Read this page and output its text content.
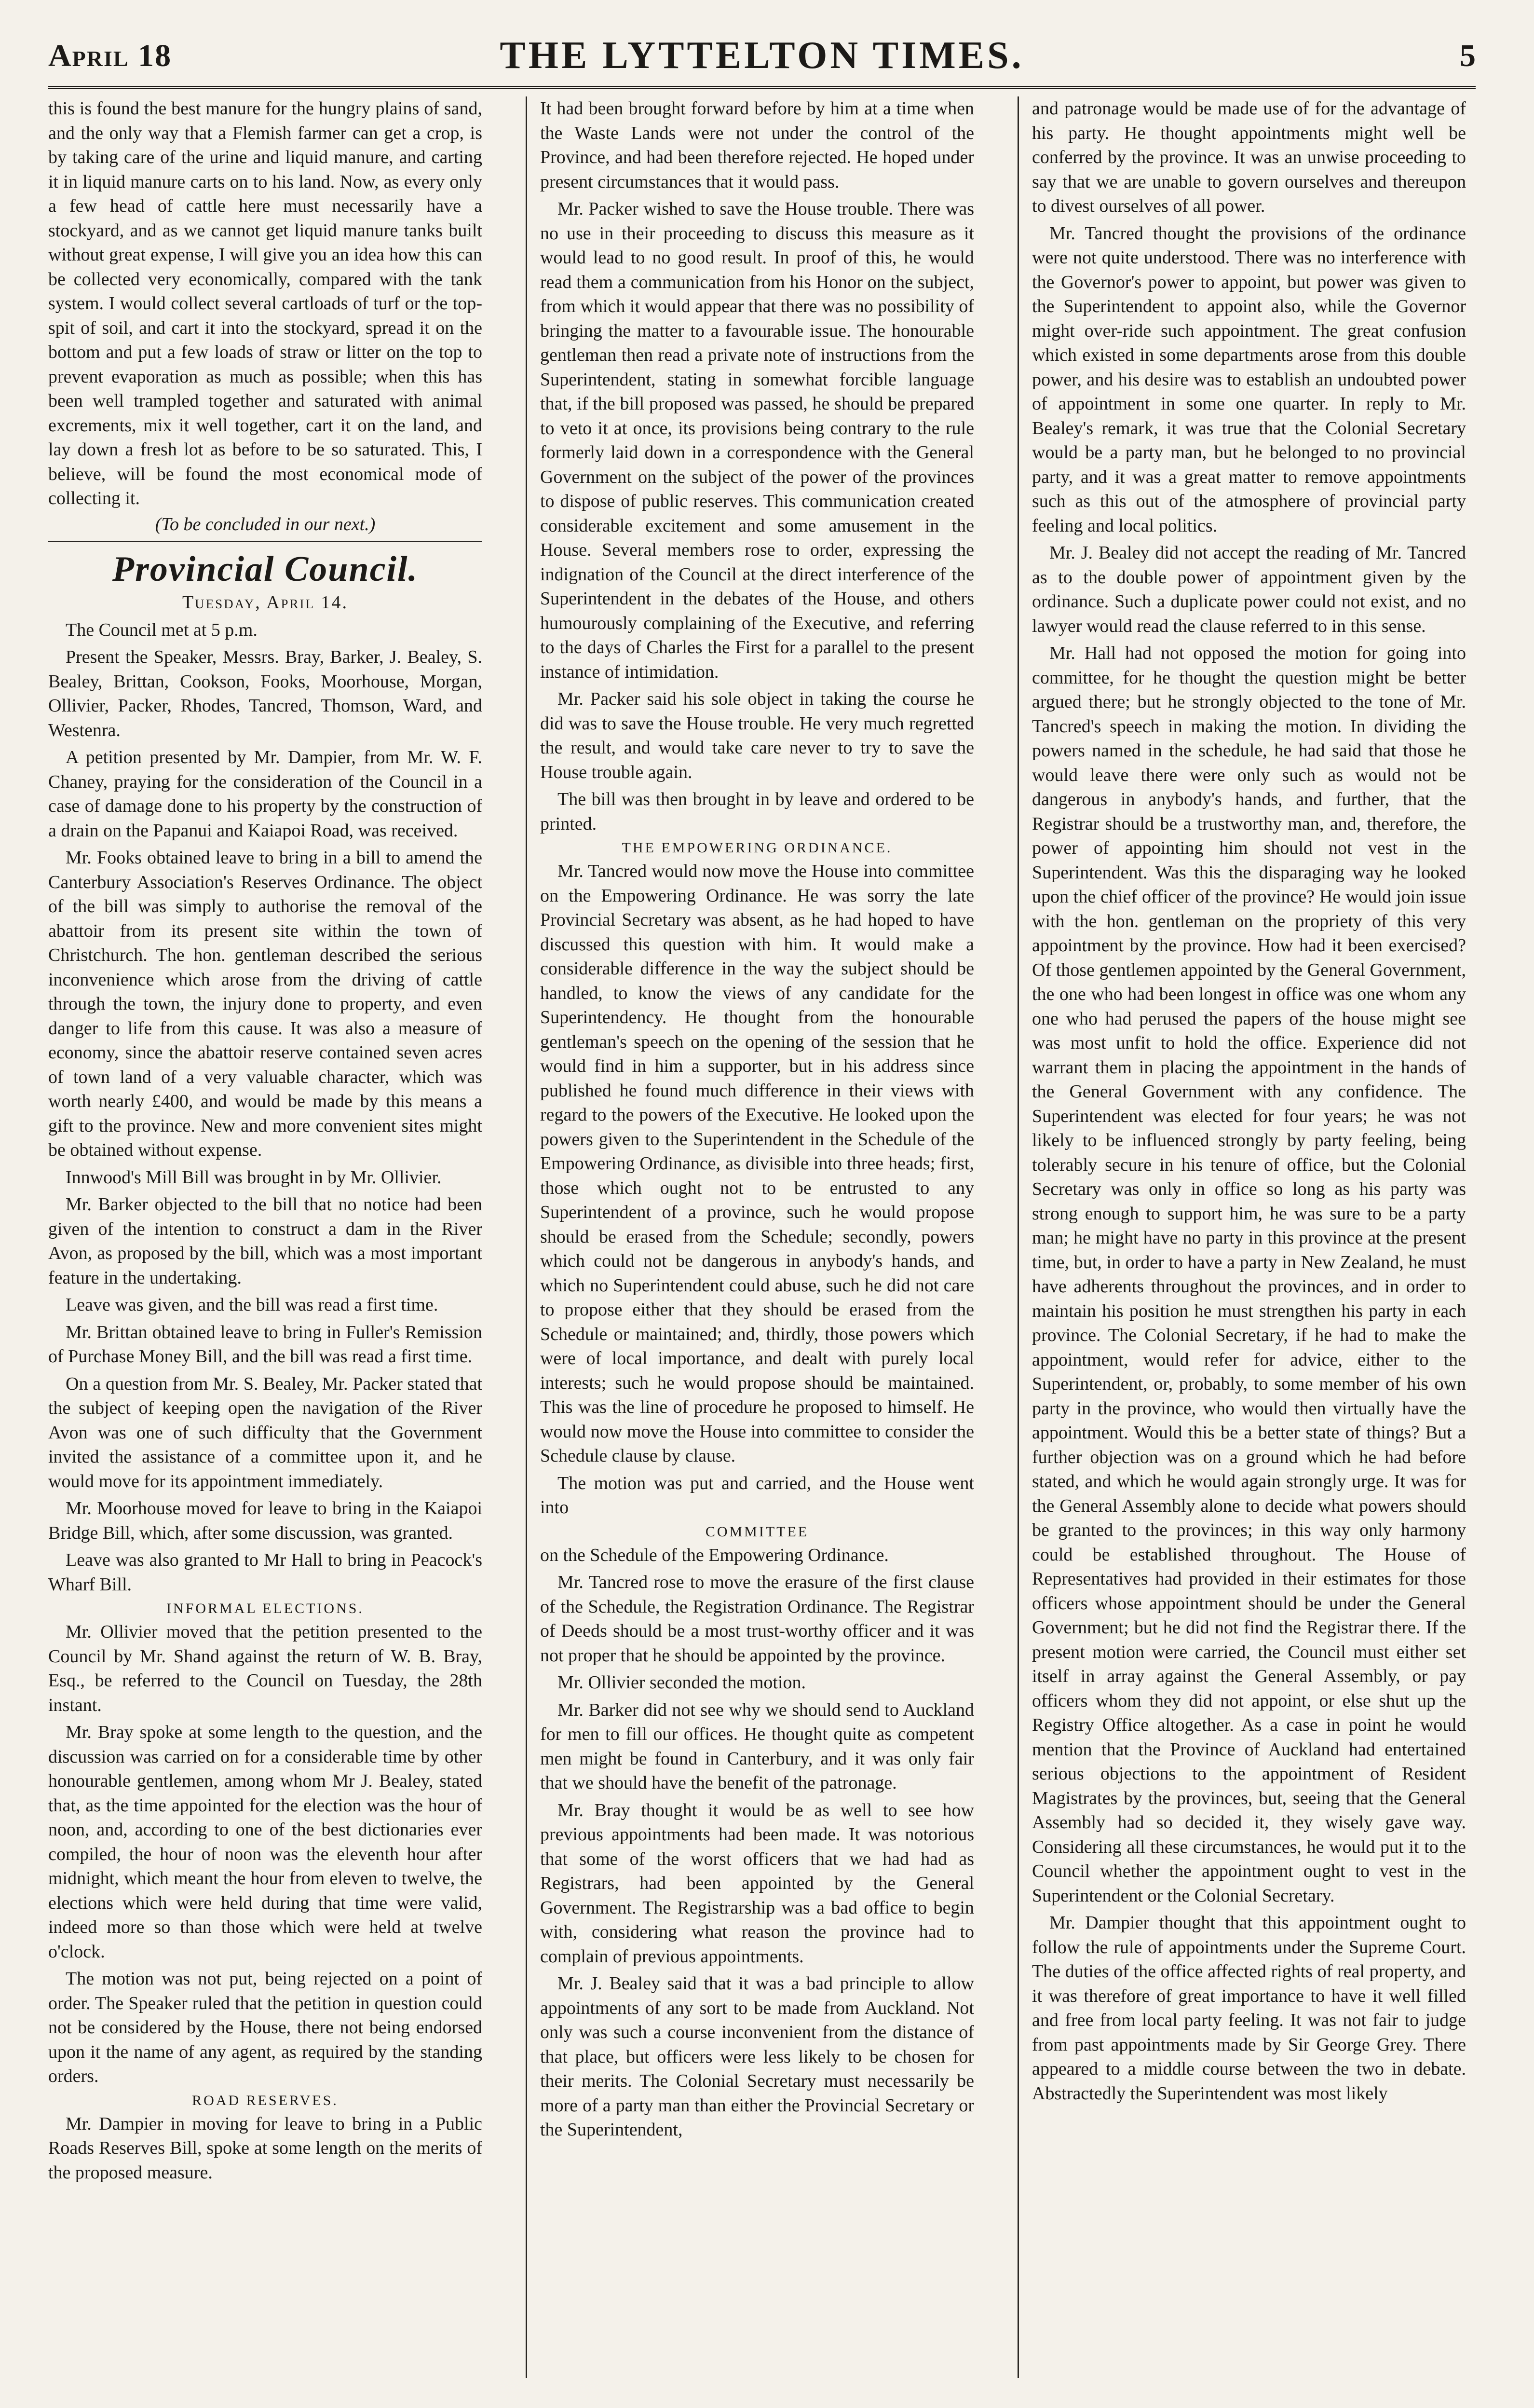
April 18	THE LYTTELTON TIMES.	5

this is found the best manure for the hungry plains of sand, and the only way that a Flemish farmer can get a crop, is by taking care of the urine and liquid manure, and carting it in liquid manure carts on to his land. Now, as every only a few head of cattle here must necessarily have a stockyard, and as we cannot get liquid manure tanks built without great expense, I will give you an idea how this can be collected very economically, compared with the tank system. I would collect several cartloads of turf or the top-spit of soil, and cart it into the stockyard, spread it on the bottom and put a few loads of straw or litter on the top to prevent evaporation as much as possible; when this has been well trampled together and saturated with animal excrements, mix it well together, cart it on the land, and lay down a fresh lot as before to be so saturated. This, I believe, will be found the most economical mode of collecting it.

(To be concluded in our next.)
Provincial Council.
Tuesday, April 14.

The Council met at 5 p.m.

Present the Speaker, Messrs. Bray, Barker, J. Bealey, S. Bealey, Brittan, Cookson, Fooks, Moorhouse, Morgan, Ollivier, Packer, Rhodes, Tancred, Thomson, Ward, and Westenra.

A petition presented by Mr. Dampier, from Mr. W. F. Chaney, praying for the consideration of the Council in a case of damage done to his property by the construction of a drain on the Papanui and Kaiapoi Road, was received.

Mr. Fooks obtained leave to bring in a bill to amend the Canterbury Association's Reserves Ordinance. The object of the bill was simply to authorise the removal of the abattoir from its present site within the town of Christchurch. The hon. gentleman described the serious inconvenience which arose from the driving of cattle through the town, the injury done to property, and even danger to life from this cause. It was also a measure of economy, since the abattoir reserve contained seven acres of town land of a very valuable character, which was worth nearly £400, and would be made by this means a gift to the province. New and more convenient sites might be obtained without expense.

Innwood's Mill Bill was brought in by Mr. Ollivier.

Mr. Barker objected to the bill that no notice had been given of the intention to construct a dam in the River Avon, as proposed by the bill, which was a most important feature in the undertaking.

Leave was given, and the bill was read a first time.

Mr. Brittan obtained leave to bring in Fuller's Remission of Purchase Money Bill, and the bill was read a first time.

On a question from Mr. S. Bealey, Mr. Packer stated that the subject of keeping open the navigation of the River Avon was one of such difficulty that the Government invited the assistance of a committee upon it, and he would move for its appointment immediately.

Mr. Moorhouse moved for leave to bring in the Kaiapoi Bridge Bill, which, after some discussion, was granted.

Leave was also granted to Mr Hall to bring in Peacock's Wharf Bill.

INFORMAL ELECTIONS.

Mr. Ollivier moved that the petition presented to the Council by Mr. Shand against the return of W. B. Bray, Esq., be referred to the Council on Tuesday, the 28th instant.

Mr. Bray spoke at some length to the question, and the discussion was carried on for a considerable time by other honourable gentlemen, among whom Mr J. Bealey, stated that, as the time appointed for the election was the hour of noon, and, according to one of the best dictionaries ever compiled, the hour of noon was the eleventh hour after midnight, which meant the hour from eleven to twelve, the elections which were held during that time were valid, indeed more so than those which were held at twelve o'clock.

The motion was not put, being rejected on a point of order. The Speaker ruled that the petition in question could not be considered by the House, there not being endorsed upon it the name of any agent, as required by the standing orders.

ROAD RESERVES.

Mr. Dampier in moving for leave to bring in a Public Roads Reserves Bill, spoke at some length on the merits of the proposed measure.

It had been brought forward before by him at a time when the Waste Lands were not under the control of the Province, and had been therefore rejected. He hoped under present circumstances that it would pass.

Mr. Packer wished to save the House trouble. There was no use in their proceeding to discuss this measure as it would lead to no good result. In proof of this, he would read them a communication from his Honor on the subject, from which it would appear that there was no possibility of bringing the matter to a favourable issue. The honourable gentleman then read a private note of instructions from the Superintendent, stating in somewhat forcible language that, if the bill proposed was passed, he should be prepared to veto it at once, its provisions being contrary to the rule formerly laid down in a correspondence with the General Government on the subject of the power of the provinces to dispose of public reserves. This communication created considerable excitement and some amusement in the House. Several members rose to order, expressing the indignation of the Council at the direct interference of the Superintendent in the debates of the House, and others humourously complaining of the Executive, and referring to the days of Charles the First for a parallel to the present instance of intimidation.

Mr. Packer said his sole object in taking the course he did was to save the House trouble. He very much regretted the result, and would take care never to try to save the House trouble again.

The bill was then brought in by leave and ordered to be printed.

THE EMPOWERING ORDINANCE.

Mr. Tancred would now move the House into committee on the Empowering Ordinance. He was sorry the late Provincial Secretary was absent, as he had hoped to have discussed this question with him. It would make a considerable difference in the way the subject should be handled, to know the views of any candidate for the Superintendency. He thought from the honourable gentleman's speech on the opening of the session that he would find in him a supporter, but in his address since published he found much difference in their views with regard to the powers of the Executive. He looked upon the powers given to the Superintendent in the Schedule of the Empowering Ordinance, as divisible into three heads; first, those which ought not to be entrusted to any Superintendent of a province, such he would propose should be erased from the Schedule; secondly, powers which could not be dangerous in anybody's hands, and which no Superintendent could abuse, such he did not care to propose either that they should be erased from the Schedule or maintained; and, thirdly, those powers which were of local importance, and dealt with purely local interests; such he would propose should be maintained. This was the line of procedure he proposed to himself. He would now move the House into committee to consider the Schedule clause by clause.

The motion was put and carried, and the House went into

COMMITTEE

on the Schedule of the Empowering Ordinance.

Mr. Tancred rose to move the erasure of the first clause of the Schedule, the Registration Ordinance. The Registrar of Deeds should be a most trust-worthy officer and it was not proper that he should be appointed by the province.

Mr. Ollivier seconded the motion.

Mr. Barker did not see why we should send to Auckland for men to fill our offices. He thought quite as competent men might be found in Canterbury, and it was only fair that we should have the benefit of the patronage.

Mr. Bray thought it would be as well to see how previous appointments had been made. It was notorious that some of the worst officers that we had had as Registrars, had been appointed by the General Government. The Registrarship was a bad office to begin with, considering what reason the province had to complain of previous appointments.

Mr. J. Bealey said that it was a bad principle to allow appointments of any sort to be made from Auckland. Not only was such a course inconvenient from the distance of that place, but officers were less likely to be chosen for their merits. The Colonial Secretary must necessarily be more of a party man than either the Provincial Secretary or the Superintendent,

and patronage would be made use of for the advantage of his party. He thought appointments might well be conferred by the province. It was an unwise proceeding to say that we are unable to govern ourselves and thereupon to divest ourselves of all power.

Mr. Tancred thought the provisions of the ordinance were not quite understood. There was no interference with the Governor's power to appoint, but power was given to the Superintendent to appoint also, while the Governor might over-ride such appointment. The great confusion which existed in some departments arose from this double power, and his desire was to establish an undoubted power of appointment in some one quarter. In reply to Mr. Bealey's remark, it was true that the Colonial Secretary would be a party man, but he belonged to no provincial party, and it was a great matter to remove appointments such as this out of the atmosphere of provincial party feeling and local politics.

Mr. J. Bealey did not accept the reading of Mr. Tancred as to the double power of appointment given by the ordinance. Such a duplicate power could not exist, and no lawyer would read the clause referred to in this sense.

Mr. Hall had not opposed the motion for going into committee, for he thought the question might be better argued there; but he strongly objected to the tone of Mr. Tancred's speech in making the motion. In dividing the powers named in the schedule, he had said that those he would leave there were only such as would not be dangerous in anybody's hands, and further, that the Registrar should be a trustworthy man, and, therefore, the power of appointing him should not vest in the Superintendent. Was this the disparaging way he looked upon the chief officer of the province? He would join issue with the hon. gentleman on the propriety of this very appointment by the province. How had it been exercised? Of those gentlemen appointed by the General Government, the one who had been longest in office was one whom any one who had perused the papers of the house might see was most unfit to hold the office. Experience did not warrant them in placing the appointment in the hands of the General Government with any confidence. The Superintendent was elected for four years; he was not likely to be influenced strongly by party feeling, being tolerably secure in his tenure of office, but the Colonial Secretary was only in office so long as his party was strong enough to support him, he was sure to be a party man; he might have no party in this province at the present time, but, in order to have a party in New Zealand, he must have adherents throughout the provinces, and in order to maintain his position he must strengthen his party in each province. The Colonial Secretary, if he had to make the appointment, would refer for advice, either to the Superintendent, or, probably, to some member of his own party in the province, who would then virtually have the appointment. Would this be a better state of things? But a further objection was on a ground which he had before stated, and which he would again strongly urge. It was for the General Assembly alone to decide what powers should be granted to the provinces; in this way only harmony could be established throughout. The House of Representatives had provided in their estimates for those officers whose appointment should be under the General Government; but he did not find the Registrar there. If the present motion were carried, the Council must either set itself in array against the General Assembly, or pay officers whom they did not appoint, or else shut up the Registry Office altogether. As a case in point he would mention that the Province of Auckland had entertained serious objections to the appointment of Resident Magistrates by the provinces, but, seeing that the General Assembly had so decided it, they wisely gave way. Considering all these circumstances, he would put it to the Council whether the appointment ought to vest in the Superintendent or the Colonial Secretary.

Mr. Dampier thought that this appointment ought to follow the rule of appointments under the Supreme Court. The duties of the office affected rights of real property, and it was therefore of great importance to have it well filled and free from local party feeling. It was not fair to judge from past appointments made by Sir George Grey. There appeared to a middle course between the two in debate. Abstractedly the Superintendent was most likely
